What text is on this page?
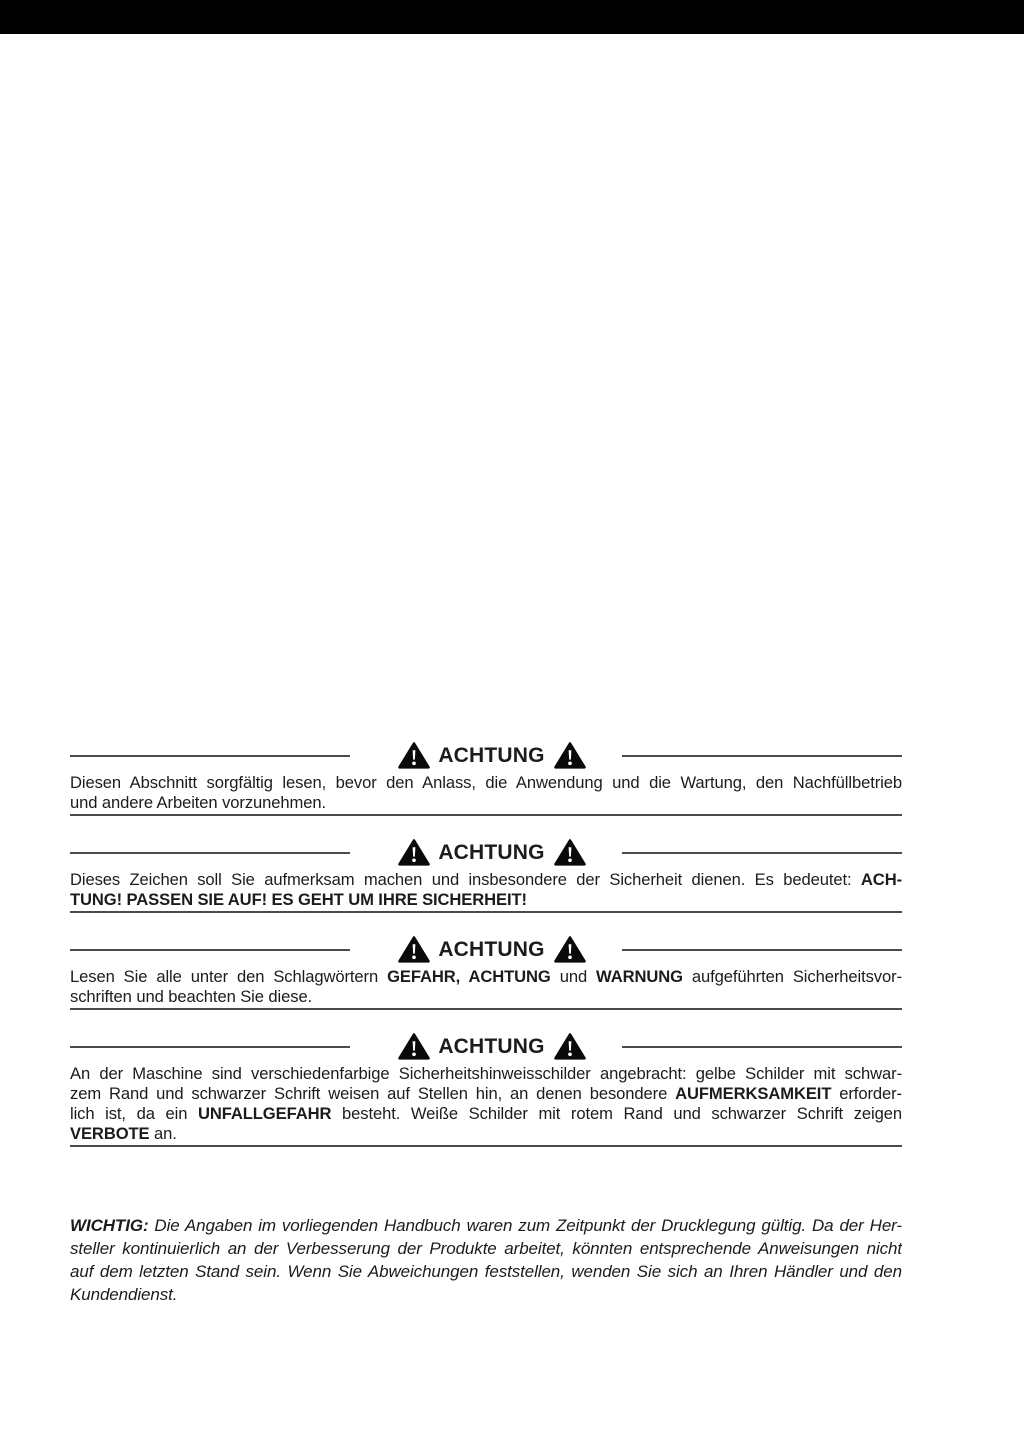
ACHTUNG
Diesen Abschnitt sorgfältig lesen, bevor den Anlass, die Anwendung und die Wartung, den Nachfüllbetrieb
und andere Arbeiten vorzunehmen.
ACHTUNG
Dieses Zeichen soll Sie aufmerksam machen und insbesondere der Sicherheit dienen. Es bedeutet: ACH-
TUNG! PASSEN SIE AUF! ES GEHT UM IHRE SICHERHEIT!
ACHTUNG
Lesen Sie alle unter den Schlagwörtern GEFAHR, ACHTUNG und WARNUNG aufgeführten Sicherheitsvor-
schriften und beachten Sie diese.
ACHTUNG
An der Maschine sind verschiedenfarbige Sicherheitshinweisschilder angebracht: gelbe Schilder mit schwar-
zem Rand und schwarzer Schrift weisen auf Stellen hin, an denen besondere AUFMERKSAMKEIT erforder-
lich ist, da ein UNFALLGEFAHR besteht. Weiße Schilder mit rotem Rand und schwarzer Schrift zeigen
VERBOTE an.
WICHTIG: Die Angaben im vorliegenden Handbuch waren zum Zeitpunkt der Drucklegung gültig. Da der Her-
steller kontinuierlich an der Verbesserung der Produkte arbeitet, könnten entsprechende Anweisungen nicht
auf dem letzten Stand sein. Wenn Sie Abweichungen feststellen, wenden Sie sich an Ihren Händler und den
Kundendienst.
